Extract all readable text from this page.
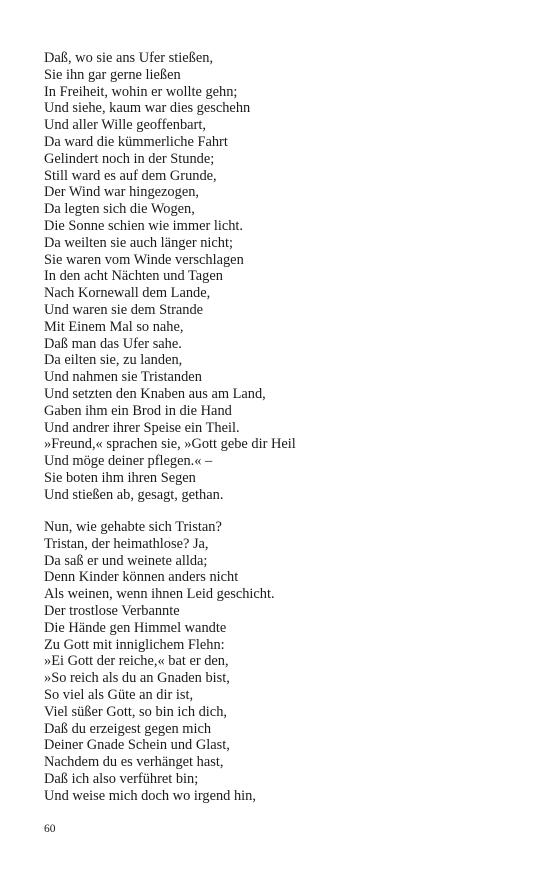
Daß, wo sie ans Ufer stießen,
Sie ihn gar gerne ließen
In Freiheit, wohin er wollte gehn;
Und siehe, kaum war dies geschehn
Und aller Wille geoffenbart,
Da ward die kümmerliche Fahrt
Gelindert noch in der Stunde;
Still ward es auf dem Grunde,
Der Wind war hingezogen,
Da legten sich die Wogen,
Die Sonne schien wie immer licht.
Da weilten sie auch länger nicht;
Sie waren vom Winde verschlagen
In den acht Nächten und Tagen
Nach Kornewall dem Lande,
Und waren sie dem Strande
Mit Einem Mal so nahe,
Daß man das Ufer sahe.
Da eilten sie, zu landen,
Und nahmen sie Tristanden
Und setzten den Knaben aus am Land,
Gaben ihm ein Brod in die Hand
Und andrer ihrer Speise ein Theil.
»Freund,« sprachen sie, »Gott gebe dir Heil
Und möge deiner pflegen.« –
Sie boten ihm ihren Segen
Und stießen ab, gesagt, gethan.
Nun, wie gehabte sich Tristan?
Tristan, der heimathlose? Ja,
Da saß er und weinete allda;
Denn Kinder können anders nicht
Als weinen, wenn ihnen Leid geschicht.
Der trostlose Verbannte
Die Hände gen Himmel wandte
Zu Gott mit inniglichem Flehn:
»Ei Gott der reiche,« bat er den,
»So reich als du an Gnaden bist,
So viel als Güte an dir ist,
Viel süßer Gott, so bin ich dich,
Daß du erzeigest gegen mich
Deiner Gnade Schein und Glast,
Nachdem du es verhänget hast,
Daß ich also verführet bin;
Und weise mich doch wo irgend hin,
60
